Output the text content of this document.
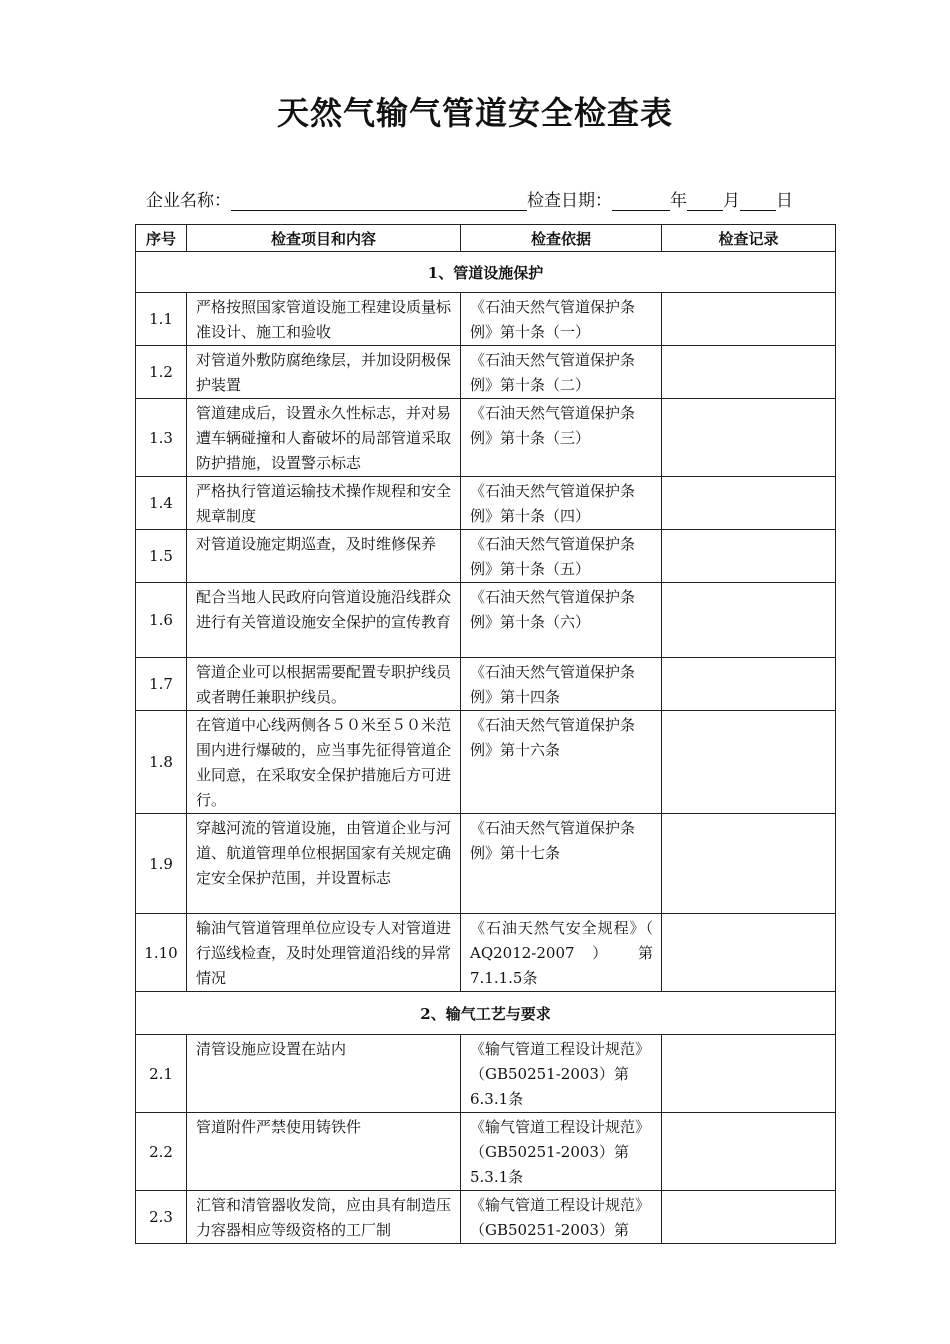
天然气输气管道安全检查表
企业名称：	检查日期：	年 月 日
序号	检查项目和内容	检查依据	检查记录
1、管道设施保护			
1.1	严格按照国家管道设施工程建设质量标准设计、施工和验收	《石油天然气管道保护条例》第十条（一）	
1.2	对管道外敷防腐绝缘层，并加设阴极保护装置	《石油天然气管道保护条例》第十条（二）	
1.3	管道建成后，设置永久性标志，并对易遭车辆碰撞和人畜破坏的局部管道采取防护措施，设置警示标志	《石油天然气管道保护条例》第十条（三）	
1.4	严格执行管道运输技术操作规程和安全规章制度	《石油天然气管道保护条例》第十条（四）	
1.5	对管道设施定期巡查，及时维修保养	《石油天然气管道保护条例》第十条（五）	
1.6	配合当地人民政府向管道设施沿线群众进行有关管道设施安全保护的宣传教育	《石油天然气管道保护条例》第十条（六）	
1.7	管道企业可以根据需要配置专职护线员或者聘任兼职护线员。	《石油天然气管道保护条例》第十四条	
1.8	在管道中心线两侧各５０米至５０米范围内进行爆破的，应当事先征得管道企业同意，在采取安全保护措施后方可进行。	《石油天然气管道保护条例》第十六条	
1.9	穿越河流的管道设施，由管道企业与河道、航道管理单位根据国家有关规定确定安全保护范围，并设置标志	《石油天然气管道保护条例》第十七条	
1.10	输油气管道管理单位应设专人对管道进行巡线检查，及时处理管道沿线的异常情况	《石油天然气安全规程》（ AQ2012-2007 ） 第7.1.1.5条	
2、输气工艺与要求			
2.1	清管设施应设置在站内	《输气管道工程设计规范》（GB50251-2003）第6.3.1条	
2.2	管道附件严禁使用铸铁件	《输气管道工程设计规范》（GB50251-2003）第5.3.1条	
2.3	汇管和清管器收发筒，应由具有制造压力容器相应等级资格的工厂制	《输气管道工程设计规范》（GB50251-2003）第	
